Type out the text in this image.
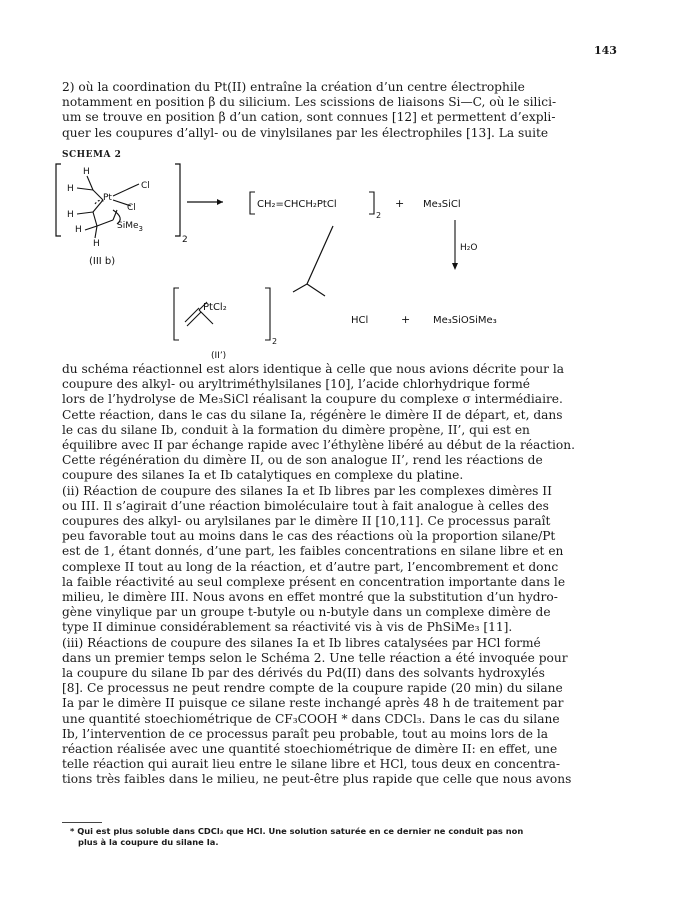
143

2) où la coordination du Pt(II) entraîne la création d’un centre électrophile

notamment en position β du silicium. Les scissions de liaisons Si—C, où le silici-

um se trouve en position β d’un cation, sont connues [12] et permettent d’expli-

quer les coupures d’allyl- ou de vinylsilanes par les électrophiles [13]. La suite

SCHEMA 2
2
H
H
Pt
Cl
Cl
H
H	SiMe$_3$
H
(III b)
CH₂=CHCH₂PtCl
2
+ Me₃SiCl
H₂O
PtCl₂
2
(II’)
HCl	+ Me₃SiOSiMe₃

du schéma réactionnel est alors identique à celle que nous avions décrite pour la

coupure des alkyl- ou aryltriméthylsilanes [10], l’acide chlorhydrique formé

lors de l’hydrolyse de Me₃SiCl réalisant la coupure du complexe σ intermédiaire.

Cette réaction, dans le cas du silane Ia, régénère le dimère II de départ, et, dans

le cas du silane Ib, conduit à la formation du dimère propène, II’, qui est en

équilibre avec II par échange rapide avec l’éthylène libéré au début de la réaction.

Cette régénération du dimère II, ou de son analogue II’, rend les réactions de

coupure des silanes Ia et Ib catalytiques en complexe du platine.

(ii) Réaction de coupure des silanes Ia et Ib libres par les complexes dimères II

ou III. Il s’agirait d’une réaction bimoléculaire tout à fait analogue à celles des

coupures des alkyl- ou arylsilanes par le dimère II [10,11]. Ce processus paraît

peu favorable tout au moins dans le cas des réactions où la proportion silane/Pt

est de 1, étant donnés, d’une part, les faibles concentrations en silane libre et en

complexe II tout au long de la réaction, et d’autre part, l’encombrement et donc

la faible réactivité au seul complexe présent en concentration importante dans le

milieu, le dimère III. Nous avons en effet montré que la substitution d’un hydro-

gène vinylique par un groupe t-butyle ou n-butyle dans un complexe dimère de

type II diminue considérablement sa réactivité vis à vis de PhSiMe₃ [11].

(iii) Réactions de coupure des silanes Ia et Ib libres catalysées par HCl formé

dans un premier temps selon le Schéma 2. Une telle réaction a été invoquée pour

la coupure du silane Ib par des dérivés du Pd(II) dans des solvants hydroxylés

[8]. Ce processus ne peut rendre compte de la coupure rapide (20 min) du silane

Ia par le dimère II puisque ce silane reste inchangé après 48 h de traitement par

une quantité stoechiométrique de CF₃COOH * dans CDCl₃. Dans le cas du silane

Ib, l’intervention de ce processus paraît peu probable, tout au moins lors de la

réaction réalisée avec une quantité stoechiométrique de dimère II: en effet, une

telle réaction qui aurait lieu entre le silane libre et HCl, tous deux en concentra-

tions très faibles dans le milieu, ne peut-être plus rapide que celle que nous avons

* Qui est plus soluble dans CDCl₃ que HCl. Une solution saturée en ce dernier ne conduit pas non
plus à la coupure du silane Ia.
